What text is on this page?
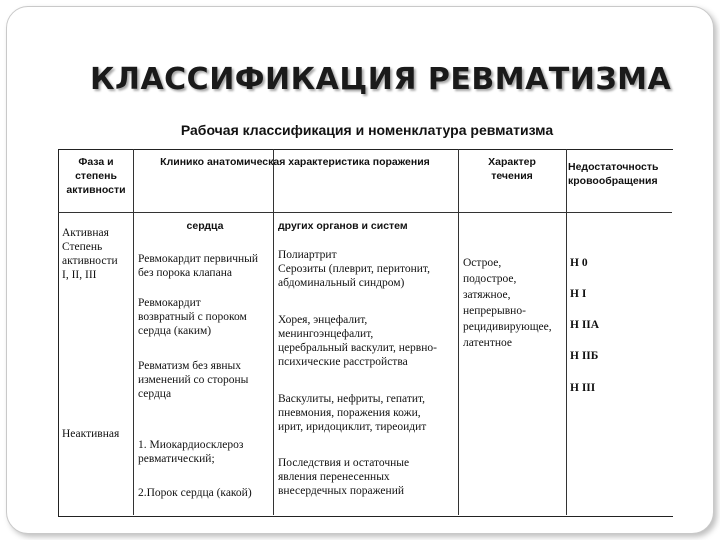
КЛАССИФИКАЦИЯ РЕВМАТИЗМА
Рабочая классификация и номенклатура ревматизма
Фаза и
степень
активности
Клинико анатомическая характеристика поражения	Характер
течения
Недостаточность
кровообращения
сердца	других органов и систем
Активная
Степень
активности
I, II, III
Неактивная
Ревмокардит первичный
без порока клапана
Ревмокардит
возвратный с пороком
сердца (каким)
Ревматизм без явных
изменений со стороны
сердца
1. Миокардиосклероз
ревматический;
2.Порок сердца (какой)
Полиартрит
Серозиты (плеврит, перитонит,
абдоминальный синдром)
Хорея, энцефалит,
менингоэнцефалит,
церебральный васкулит, нервно-
психические расстройства
Васкулиты, нефриты, гепатит,
пневмония, поражения кожи,
ирит, иридоциклит, тиреоидит
Последствия и остаточные
явления перенесенных
внесердечных поражений
Острое,
подострое,
затяжное,
непрерывно-
рецидивирующее,
латентное
Н 0
Н I
Н IIА
Н IIБ
Н III
